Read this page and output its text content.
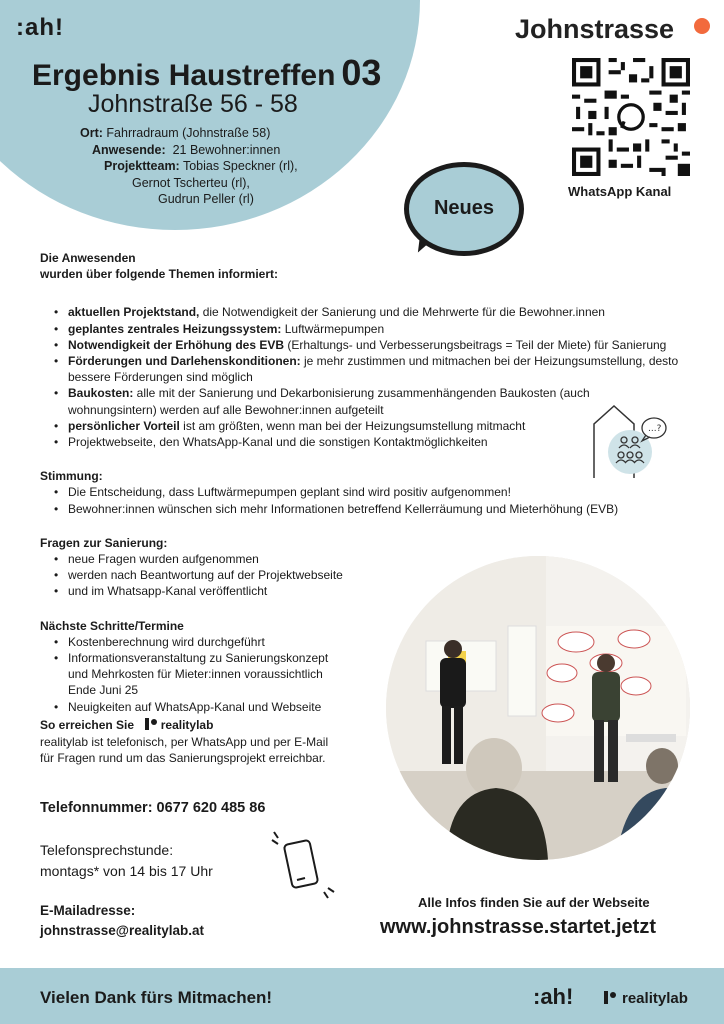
:ah!
Ergebnis Haustreffen 03
Johnstraße 56 - 58
Ort: Fahrradraum (Johnstraße 58)
Anwesende: 21 Bewohner:innen
Projektteam: Tobias Speckner (rl),
Gernot Tscherteu (rl),
Gudrun Peller (rl)
Johnstrasse
WhatsApp Kanal
Neues
Die Anwesenden
wurden über folgende Themen informiert:
• aktuellen Projektstand, die Notwendigkeit der Sanierung und die Mehrwerte für die Bewohner.innen
• geplantes zentrales Heizungssystem: Luftwärmepumpen
• Notwendigkeit der Erhöhung des EVB (Erhaltungs- und Verbesserungsbeitrags = Teil der Miete) für Sanierung
• Förderungen und Darlehenskonditionen: je mehr zustimmen und mitmachen bei der Heizungsumstellung, desto bessere Förderungen sind möglich
• Baukosten: alle mit der Sanierung und Dekarbonisierung zusammenhängenden Baukosten (auch wohnungsintern) werden auf alle Bewohner:innen aufgeteilt
• persönlicher Vorteil ist am größten, wenn man bei der Heizungsumstellung mitmacht
• Projektwebseite, den WhatsApp-Kanal und die sonstigen Kontaktmöglichkeiten
Stimmung:
• Die Entscheidung, dass Luftwärmepumpen geplant sind wird positiv aufgenommen!
• Bewohner:innen wünschen sich mehr Informationen betreffend Kellerräumung und Mieterhöhung (EVB)
Fragen zur Sanierung:
• neue Fragen wurden aufgenommen
• werden nach Beantwortung auf der Projektwebseite
• und im Whatsapp-Kanal veröffentlicht
Nächste Schritte/Termine
• Kostenberechnung wird durchgeführt
• Informationsveranstaltung zu Sanierungskonzept und Mehrkosten für Mieter:innen voraussichtlich Ende Juni 25
• Neuigkeiten auf WhatsApp-Kanal und Webseite
...?
So erreichen Sie realitylab
realitylab ist telefonisch, per WhatsApp und per E-Mail
für Fragen rund um das Sanierungsprojekt erreichbar.
Telefonnummer: 0677 620 485 86
Telefonsprechstunde:
montags* von 14 bis 17 Uhr
E-Mailadresse:
johnstrasse@realitylab.at
Alle Infos finden Sie auf der Webseite
www.johnstrasse.startet.jetzt
Vielen Dank fürs Mitmachen!	:ah!	realitylab
